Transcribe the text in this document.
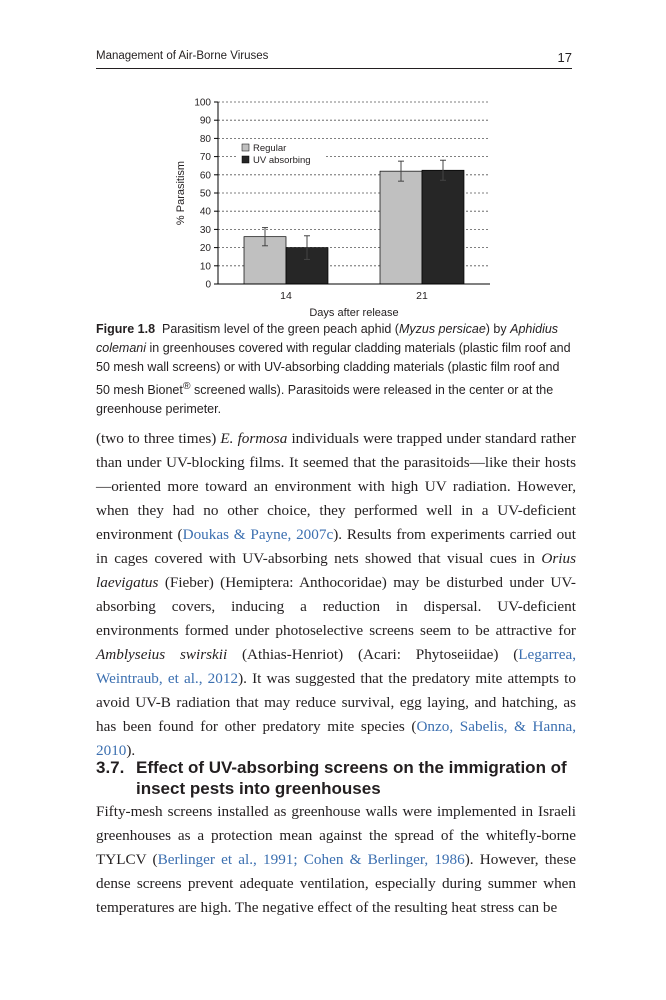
Management of Air-Borne Viruses	17
0
10
20
30
40
50
60
70
80
90
100
14	21
% Parasitism
Days after release
Regular
UV absorbing
Figure 1.8 Parasitism level of the green peach aphid (Myzus persicae) by Aphidius colemani in greenhouses covered with regular cladding materials (plastic film roof and 50 mesh wall screens) or with UV-absorbing cladding materials (plastic film roof and 50 mesh Bionet® screened walls). Parasitoids were released in the center or at the greenhouse perimeter.

(two to three times) E. formosa individuals were trapped under standard rather than under UV-blocking films. It seemed that the parasitoids—like their hosts—oriented more toward an environment with high UV radiation. However, when they had no other choice, they performed well in a UV-deficient environment (Doukas & Payne, 2007c). Results from experiments carried out in cages covered with UV-absorbing nets showed that visual cues in Orius laevigatus (Fieber) (Hemiptera: Anthocoridae) may be disturbed under UV-absorbing covers, inducing a reduction in dispersal. UV-deficient environments formed under photoselective screens seem to be attractive for Amblyseius swirskii (Athias-Henriot) (Acari: Phytoseiidae) (Legarrea, Weintraub, et al., 2012). It was suggested that the predatory mite attempts to avoid UV-B radiation that may reduce survival, egg laying, and hatching, as has been found for other predatory mite species (Onzo, Sabelis, & Hanna, 2010).

3.7. Effect of UV-absorbing screens on the immigration of insect pests into greenhouses

Fifty-mesh screens installed as greenhouse walls were implemented in Israeli greenhouses as a protection mean against the spread of the whitefly-borne TYLCV (Berlinger et al., 1991; Cohen & Berlinger, 1986). However, these dense screens prevent adequate ventilation, especially during summer when temperatures are high. The negative effect of the resulting heat stress can be
